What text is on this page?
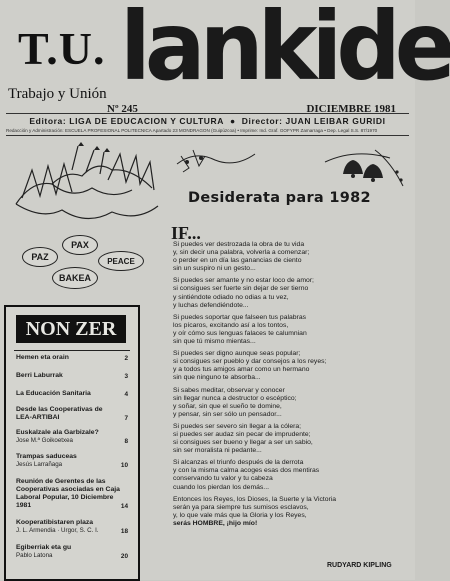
T.U.
Trabajo y Unión lankide
Nº 245	DICIEMBRE 1981
Editora: LIGA DE EDUCACION Y CULTURA ● Director: JUAN LEIBAR GURIDI
Redacción y Administración: ESCUELA PROFESIONAL POLITECNICA Apartado 23 MONDRAGON (Guipúzcoa) • Imprime: Ind. Graf. GOFYPR Zamarraga • Dep. Legal S.S. 87/1970
PAX
PAZ	PEACE
BAKEA
NON ZER
Hemen eta orain	2
Berri Laburrak	3
La Educación Sanitaria	4
Desde las Cooperativas de LEA-ARTIBAI	7
Euskalzale ala Garbizale?
Jose M.ª Goikoetxea	8
Trampas saduceas
Jesús Larrañaga	10
Reunión de Gerentes de las Cooperativas asociadas en Caja Laboral Popular, 10 Diciembre 1981	14
Kooperatibistaren plaza
J. L. Armendia · Urgor, S. C. I.	18
Egiberriak eta gu
Pablo Latona	20
Desiderata para 1982
IF...
Si puedes ver destrozada la obra de tu vida
y, sin decir una palabra, volverla a comenzar;
o perder en un día las ganancias de ciento
sin un suspiro ni un gesto...
Si puedes ser amante y no estar loco de amor;
si consigues ser fuerte sin dejar de ser tierno
y sintiéndote odiado no odias a tu vez,
y luchas defendiéndote...
Si puedes soportar que falseen tus palabras
los pícaros, excitando así a los tontos,
y oír cómo sus lenguas falaces te calumnian
sin que tú mismo mientas...
Si puedes ser digno aunque seas popular;
si consigues ser pueblo y dar consejos a los reyes;
y a todos tus amigos amar como un hermano
sin que ninguno te absorba...
Si sabes meditar, observar y conocer
sin llegar nunca a destructor o escéptico;
y soñar, sin que el sueño te domine,
y pensar, sin ser sólo un pensador...
Si puedes ser severo sin llegar a la cólera;
si puedes ser audaz sin pecar de imprudente;
si consigues ser bueno y llegar a ser un sabio,
sin ser moralista ni pedante...
Si alcanzas el triunfo después de la derrota
y con la misma calma acoges esas dos mentiras
conservando tu valor y tu cabeza
cuando los pierdan los demás...
Entonces los Reyes, los Dioses, la Suerte y la Victoria
serán ya para siempre tus sumisos esclavos,
y, lo que vale más que la Gloria y los Reyes,
serás HOMBRE, ¡hijo mío!
RUDYARD KIPLING
